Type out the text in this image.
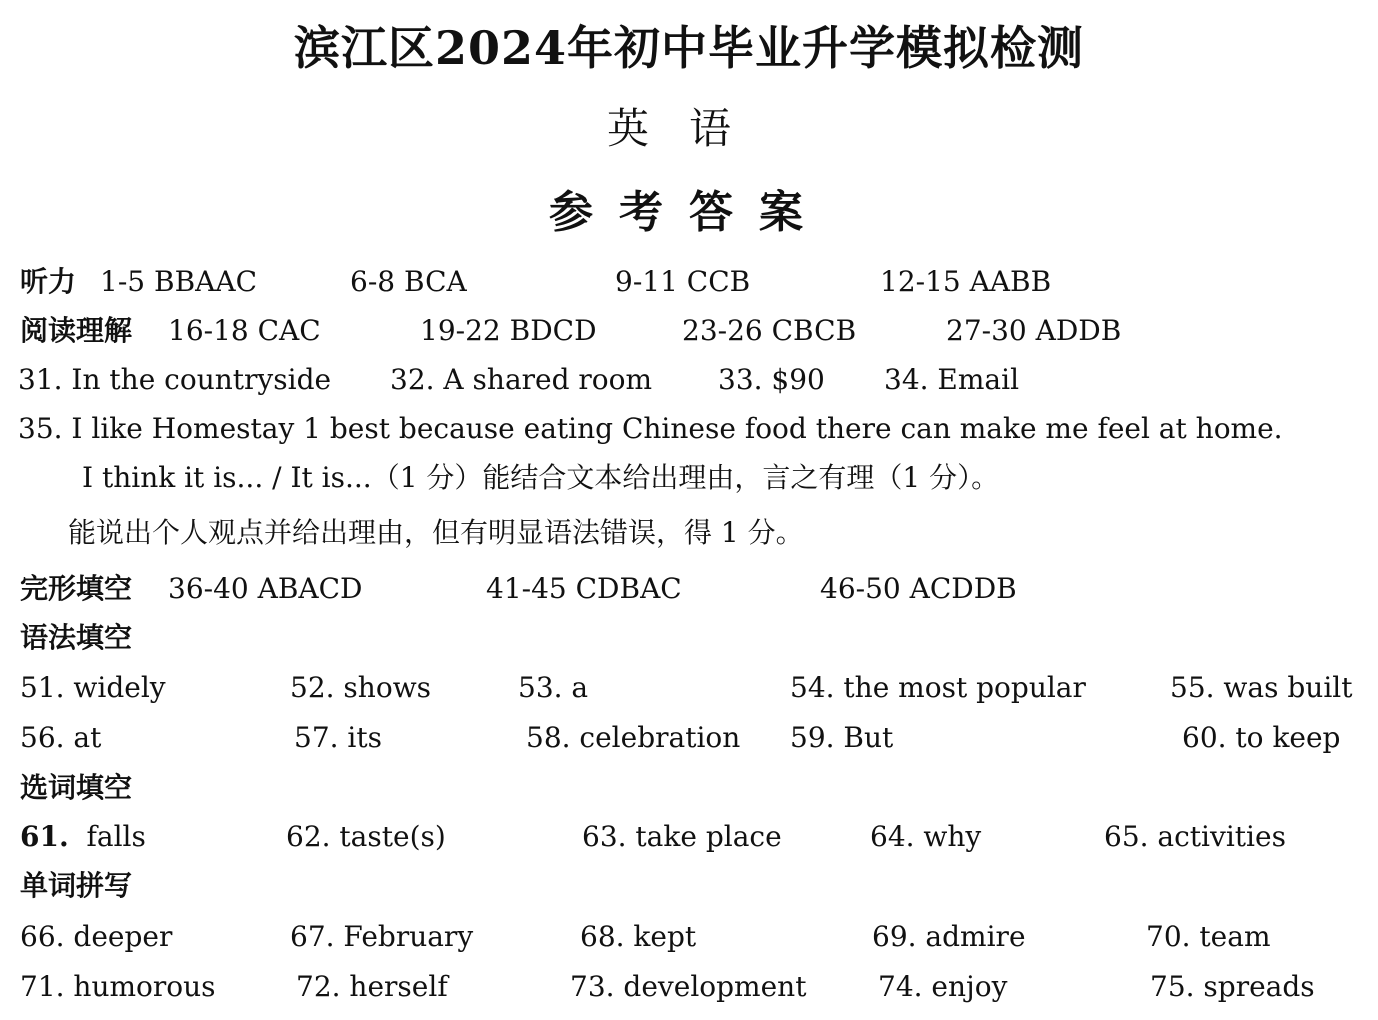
滨江区2024年初中毕业升学模拟检测
英语
参考答案
听力 1-5 BBAAC	6-8 BCA	9-11 CCB	12-15 AABB
阅读理解 16-18 CAC	19-22 BDCD	23-26 CBCB	27-30 ADDB
31. In the countryside 32. A shared room 33. $90 34. Email
35. I like Homestay 1 best because eating Chinese food there can make me feel at home.
I think it is... / It is...（1 分）能结合文本给出理由，言之有理（1 分）。
能说出个人观点并给出理由，但有明显语法错误，得 1 分。
完形填空 36-40 ABACD	41-45 CDBAC	46-50 ACDDB
语法填空
51. widely	52. shows	53. a	54. the most popular	55. was built
56. at	57. its	58. celebration 59. But	60. to keep
选词填空
61. falls	62. taste(s)	63. take place	64. why	65. activities
单词拼写
66. deeper	67. February	68. kept	69. admire	70. team
71. humorous	72. herself	73. development	74. enjoy	75. spreads
